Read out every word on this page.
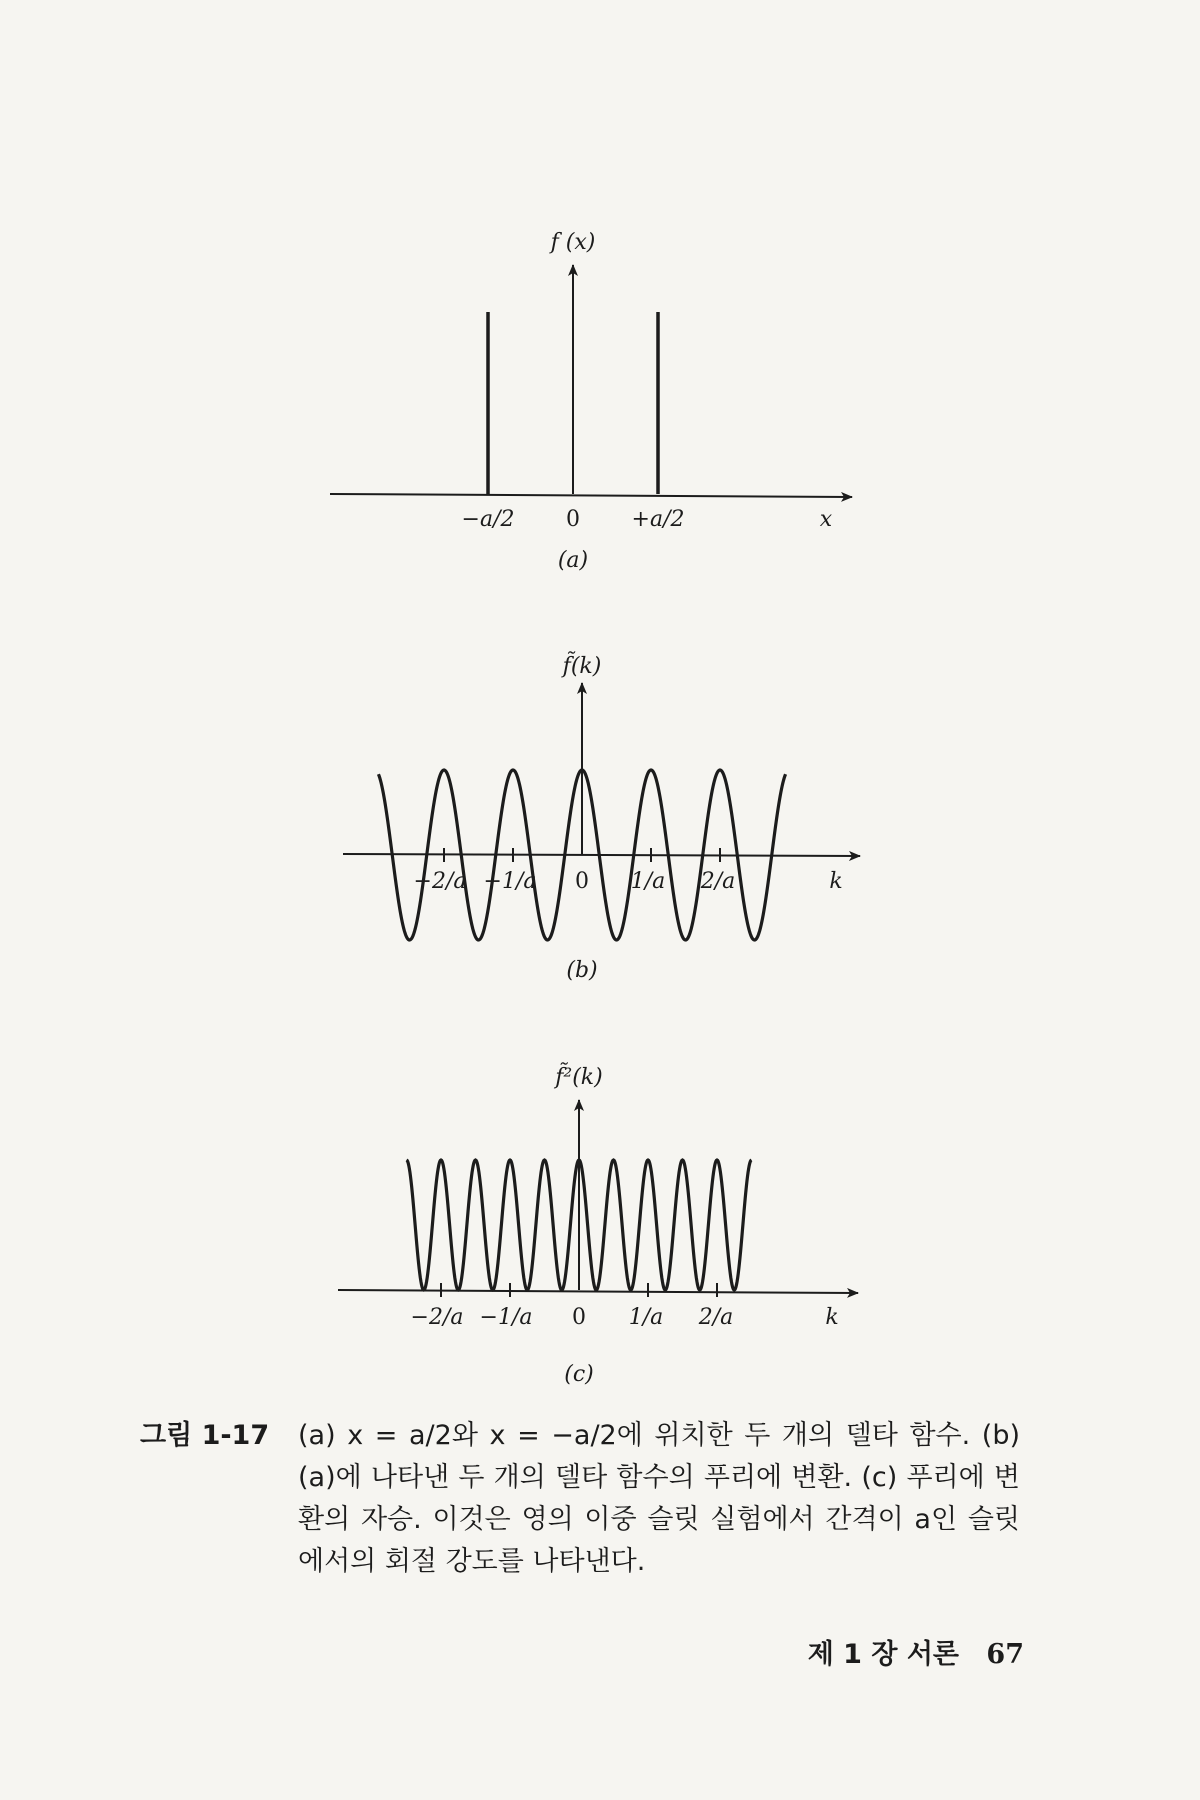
f (x)
−a/2 0 +a/2	x
(a)
f̃(k)
−2/a −1/a 0 1/a 2/a	k
(b)
f̃²(k)
−2/a −1/a 0 1/a 2/a	k
(c)
그림 1-17 (a) x = a/2와 x = −a/2에 위치한 두 개의 델타 함수. (b) (a)에 나타낸 두 개의 델타 함수의 푸리에 변환. (c) 푸리에 변환의 자승. 이것은 영의 이중 슬릿 실험에서 간격이 a인 슬릿에서의 회절 강도를 나타낸다.
제 1 장 서론 67
